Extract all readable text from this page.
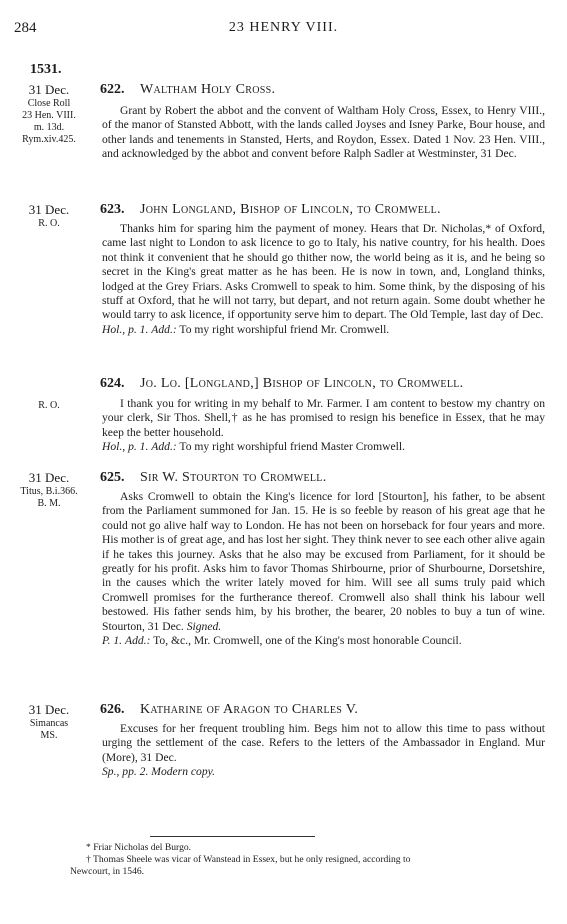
284	23 HENRY VIII.
1531.
31 Dec.
Close Roll
23 Hen. VIII.
m. 13d.
Rym.xiv.425.
622. Waltham Holy Cross.

Grant by Robert the abbot and the convent of Waltham Holy Cross, Essex, to Henry VIII., of the manor of Stansted Abbott, with the lands called Joyses and Isney Parke, Bour house, and other lands and tenements in Stansted, Herts, and Roydon, Essex. Dated 1 Nov. 23 Hen. VIII., and acknowledged by the abbot and convent before Ralph Sadler at Westminster, 31 Dec.

31 Dec.
R. O.
623. John Longland, Bishop of Lincoln, to Cromwell.

Thanks him for sparing him the payment of money. Hears that Dr. Nicholas,* of Oxford, came last night to London to ask licence to go to Italy, his native country, for his health. Does not think it convenient that he should go thither now, the world being as it is, and he being so secret in the King's great matter as he has been. He is now in town, and, Longland thinks, lodged at the Grey Friars. Asks Cromwell to speak to him. Some think, by the disposing of his stuff at Oxford, that he will not tarry, but depart, and not return again. Some doubt whether he would tarry to ask licence, if opportunity serve him to depart. The Old Temple, last day of Dec.

Hol., p. 1. Add.: To my right worshipful friend Mr. Cromwell.

R. O.
624. Jo. Lo. [Longland,] Bishop of Lincoln, to Cromwell.

I thank you for writing in my behalf to Mr. Farmer. I am content to bestow my chantry on your clerk, Sir Thos. Shell,† as he has promised to resign his benefice in Essex, that he may keep the better household.

Hol., p. 1. Add.: To my right worshipful friend Master Cromwell.

31 Dec.
Titus, B.i.366.
B. M.
625. Sir W. Stourton to Cromwell.

Asks Cromwell to obtain the King's licence for lord [Stourton], his father, to be absent from the Parliament summoned for Jan. 15. He is so feeble by reason of his great age that he could not go alive half way to London. He has not been on horseback for four years and more. His mother is of great age, and has lost her sight. They think never to see each other alive again if he takes this journey. Asks that he also may be excused from Parliament, for it should be greatly for his profit. Asks him to favor Thomas Shirbourne, prior of Shurbourne, Dorsetshire, in the causes which the writer lately moved for him. Will see all sums truly paid which Cromwell promises for the furtherance thereof. Cromwell also shall think his labour well bestowed. His father sends him, by his brother, the bearer, 20 nobles to buy a tun of wine. Stourton, 31 Dec. Signed.

P. 1. Add.: To, &c., Mr. Cromwell, one of the King's most honorable Council.

31 Dec.
Simancas
MS.
626. Katharine of Aragon to Charles V.

Excuses for her frequent troubling him. Begs him not to allow this time to pass without urging the settlement of the case. Refers to the letters of the Ambassador in England. Mur (More), 31 Dec.

Sp., pp. 2. Modern copy.

* Friar Nicholas del Burgo.

† Thomas Sheele was vicar of Wanstead in Essex, but he only resigned, according to

Newcourt, in 1546.
